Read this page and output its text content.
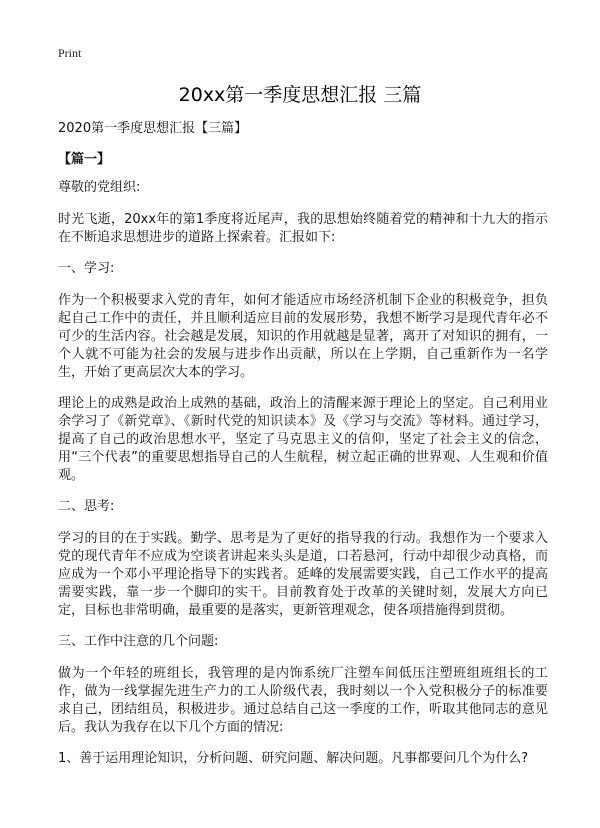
Print
20xx第一季度思想汇报 三篇

2020第一季度思想汇报【三篇】

【篇一】

尊敬的党组织:

时光飞逝，20xx年的第1季度将近尾声，我的思想始终随着党的精神和十九大的指示在不断追求思想进步的道路上探索着。汇报如下:

一、学习:

作为一个积极要求入党的青年，如何才能适应市场经济机制下企业的积极竞争，担负起自己工作中的责任，并且顺利适应目前的发展形势，我想不断学习是现代青年必不可少的生活内容。社会越是发展，知识的作用就越是显著，离开了对知识的拥有，一个人就不可能为社会的发展与进步作出贡献，所以在上学期，自己重新作为一名学生，开始了更高层次大本的学习。

理论上的成熟是政治上成熟的基础，政治上的清醒来源于理论上的坚定。自己利用业余学习了《新党章》、《新时代党的知识读本》及《学习与交流》等材料。通过学习，提高了自己的政治思想水平，坚定了马克思主义的信仰，坚定了社会主义的信念，用“三个代表”的重要思想指导自己的人生航程，树立起正确的世界观、人生观和价值观。

二、思考:

学习的目的在于实践。勤学、思考是为了更好的指导我的行动。我想作为一个要求入党的现代青年不应成为空谈者讲起来头头是道，口若悬河，行动中却很少动真格，而应成为一个邓小平理论指导下的实践者。延峰的发展需要实践，自己工作水平的提高需要实践，靠一步一个脚印的实干。目前教育处于改革的关键时刻，发展大方向已定，目标也非常明确，最重要的是落实，更新管理观念，使各项措施得到贯彻。

三、工作中注意的几个问题:

做为一个年轻的班组长，我管理的是内饰系统厂注塑车间低压注塑班组班组长的工作，做为一线掌握先进生产力的工人阶级代表，我时刻以一个入党积极分子的标准要求自己，团结组员，积极进步。通过总结自己这一季度的工作，听取其他同志的意见后。我认为我存在以下几个方面的情况:

1、善于运用理论知识，分析问题、研究问题、解决问题。凡事都要问几个为什么?
